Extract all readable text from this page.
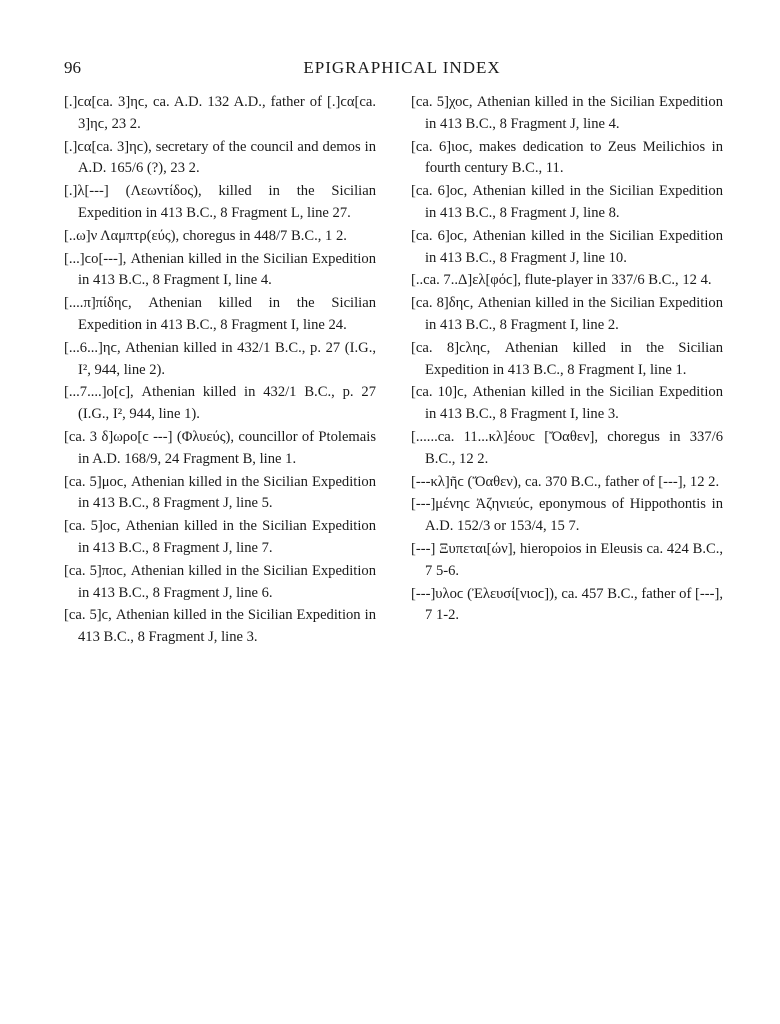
96	EPIGRAPHICAL INDEX

[.]ϲα[ca. 3]ηϲ, ca. A.D. 132 A.D., father of [.]ϲα[ca. 3]ηϲ, 23 2.

[.]ϲα[ca. 3]ηϲ), secretary of the council and demos in A.D. 165/6 (?), 23 2.

[.]λ[---] (Λεωντίδος), killed in the Sicilian Expedition in 413 B.C., 8 Fragment L, line 27.

[..ω]ν Λαμπτρ(εύς), choregus in 448/7 B.C., 1 2.

[...]ϲο[---], Athenian killed in the Sicilian Expedition in 413 B.C., 8 Fragment I, line 4.

[....π]πίδηϲ, Athenian killed in the Sicilian Expedition in 413 B.C., 8 Fragment I, line 24.

[...6...]ηϲ, Athenian killed in 432/1 B.C., p. 27 (I.G., I², 944, line 2).

[...7....]ο[ϲ], Athenian killed in 432/1 B.C., p. 27 (I.G., I², 944, line 1).

[ca. 3 δ]ωρο[ϲ ---] (Φλυεύς), councillor of Ptolemais in A.D. 168/9, 24 Fragment B, line 1.

[ca. 5]μοϲ, Athenian killed in the Sicilian Expedition in 413 B.C., 8 Fragment J, line 5.

[ca. 5]οϲ, Athenian killed in the Sicilian Expedition in 413 B.C., 8 Fragment J, line 7.

[ca. 5]ποϲ, Athenian killed in the Sicilian Expedition in 413 B.C., 8 Fragment J, line 6.

[ca. 5]ϲ, Athenian killed in the Sicilian Expedition in 413 B.C., 8 Fragment J, line 3.

[ca. 5]χοϲ, Athenian killed in the Sicilian Expedition in 413 B.C., 8 Fragment J, line 4.

[ca. 6]ιοϲ, makes dedication to Zeus Meilichios in fourth century B.C., 11.

[ca. 6]οϲ, Athenian killed in the Sicilian Expedition in 413 B.C., 8 Fragment J, line 8.

[ca. 6]οϲ, Athenian killed in the Sicilian Expedition in 413 B.C., 8 Fragment J, line 10.

[..ca. 7..Δ]ελ[φόϲ], flute-player in 337/6 B.C., 12 4.

[ca. 8]δηϲ, Athenian killed in the Sicilian Expedition in 413 B.C., 8 Fragment I, line 2.

[ca. 8]ϲληϲ, Athenian killed in the Sicilian Expedition in 413 B.C., 8 Fragment I, line 1.

[ca. 10]ϲ, Athenian killed in the Sicilian Expedition in 413 B.C., 8 Fragment I, line 3.

[......ca. 11...κλ]έουϲ [Ὄαθεν], choregus in 337/6 B.C., 12 2.

[---κλ]ῆϲ (Ὄαθεν), ca. 370 B.C., father of [---], 12 2.

[---]μένηϲ Ἀζηνιεύϲ, eponymous of Hippothontis in A.D. 152/3 or 153/4, 15 7.

[---] Ξυπεται[ών], hieropoios in Eleusis ca. 424 B.C., 7 5-6.

[---]υλοϲ (Ἐλευσί[νιοϲ]), ca. 457 B.C., father of [---], 7 1-2.
